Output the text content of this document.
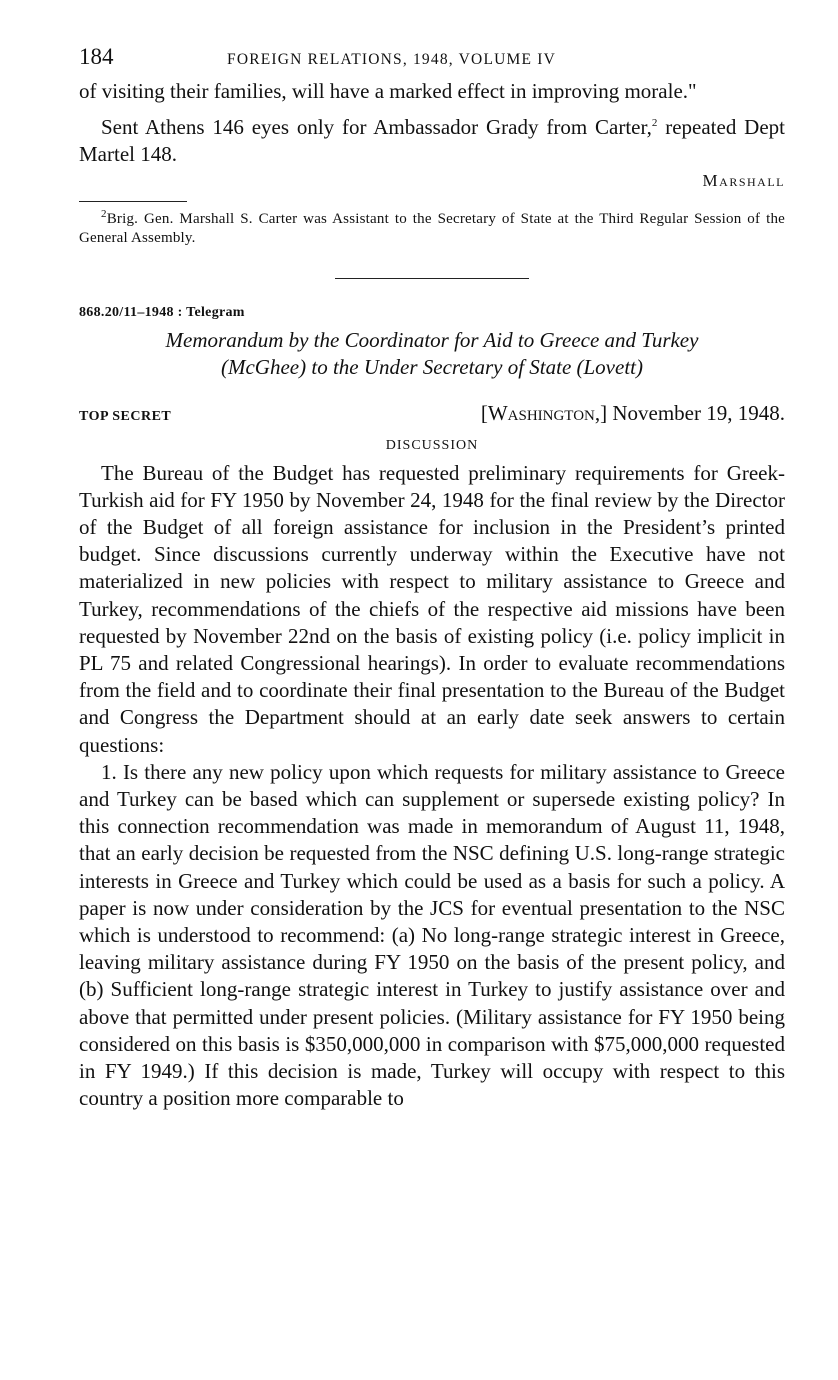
184	FOREIGN RELATIONS, 1948, VOLUME IV

of visiting their families, will have a marked effect in improving morale."

Sent Athens 146 eyes only for Ambassador Grady from Carter,$^2$ repeated Dept Martel 148.

Marshall

$^2$Brig. Gen. Marshall S. Carter was Assistant to the Secretary of State at the Third Regular Session of the General Assembly.

868.20/11–1948 : Telegram

Memorandum by the Coordinator for Aid to Greece and Turkey

(McGhee) to the Under Secretary of State (Lovett)

TOP SECRET	[Washington,] November 19, 1948.
DISCUSSION

The Bureau of the Budget has requested preliminary requirements for Greek-Turkish aid for FY 1950 by November 24, 1948 for the final review by the Director of the Budget of all foreign assistance for inclusion in the President’s printed budget. Since discussions currently underway within the Executive have not materialized in new policies with respect to military assistance to Greece and Turkey, recommendations of the chiefs of the respective aid missions have been requested by November 22nd on the basis of existing policy (i.e. policy implicit in PL 75 and related Congressional hearings). In order to evaluate recommendations from the field and to coordinate their final presentation to the Bureau of the Budget and Congress the Department should at an early date seek answers to certain questions:

1. Is there any new policy upon which requests for military assistance to Greece and Turkey can be based which can supplement or supersede existing policy? In this connection recommendation was made in memorandum of August 11, 1948, that an early decision be requested from the NSC defining U.S. long-range strategic interests in Greece and Turkey which could be used as a basis for such a policy. A paper is now under consideration by the JCS for eventual presentation to the NSC which is understood to recommend: (a) No long-range strategic interest in Greece, leaving military assistance during FY 1950 on the basis of the present policy, and (b) Sufficient long-range strategic interest in Turkey to justify assistance over and above that permitted under present policies. (Military assistance for FY 1950 being considered on this basis is $350,000,000 in comparison with $75,000,000 requested in FY 1949.) If this decision is made, Turkey will occupy with respect to this country a position more comparable to
